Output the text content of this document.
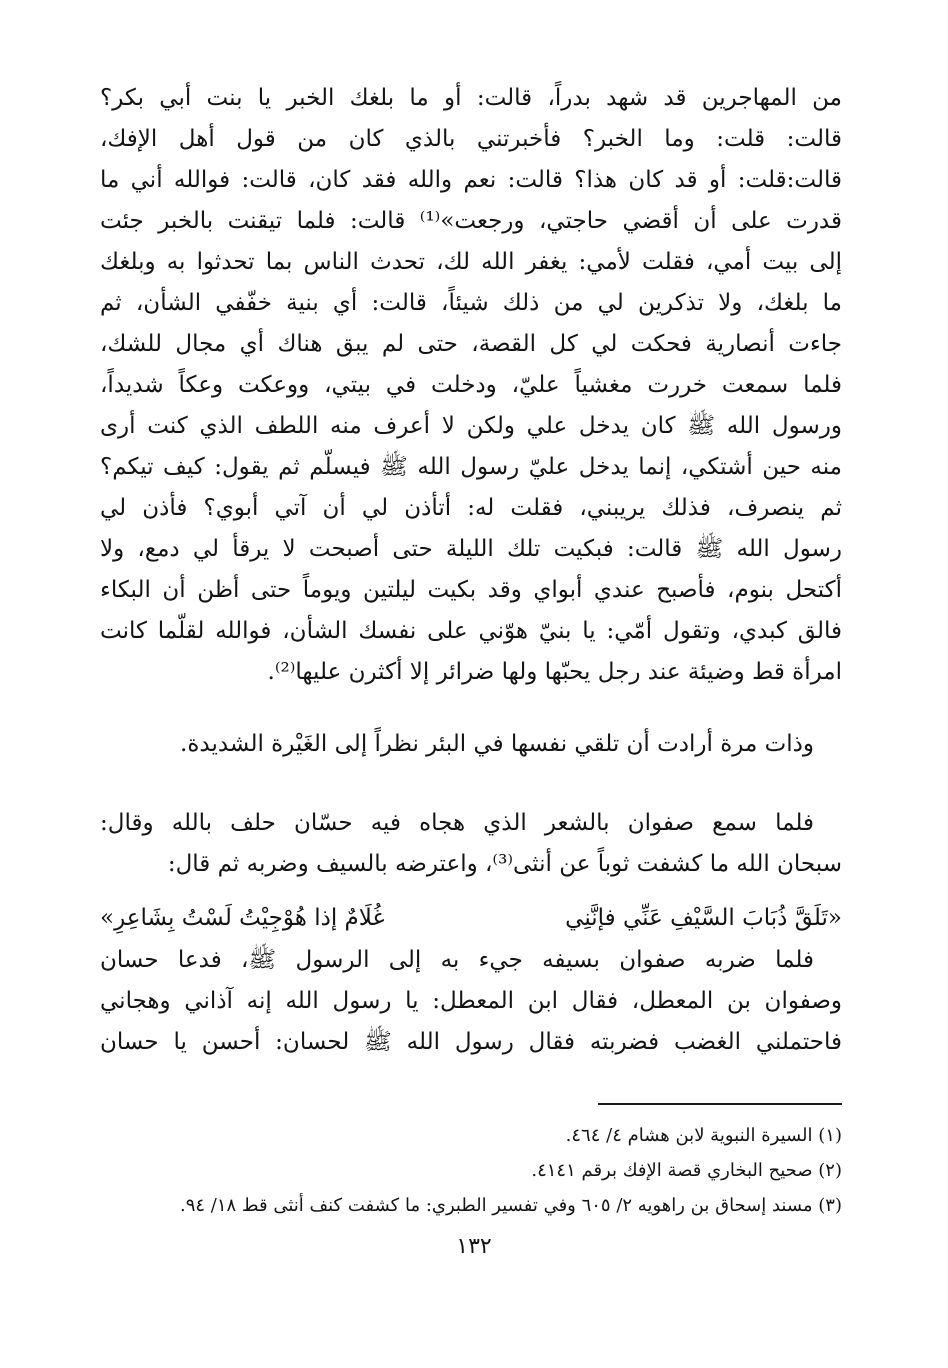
من المهاجرين قد شهد بدراً، قالت: أو ما بلغك الخبر يا بنت أبي بكر؟
قالت: قلت: وما الخبر؟ فأخبرتني بالذي كان من قول أهل الإفك،
قالت:قلت: أو قد كان هذا؟ قالت: نعم والله فقد كان، قالت: فوالله أني ما
قدرت على أن أقضي حاجتي، ورجعت»⁽¹⁾ قالت: فلما تيقنت بالخبر جئت
إلى بيت أمي، فقلت لأمي: يغفر الله لك، تحدث الناس بما تحدثوا به وبلغك
ما بلغك، ولا تذكرين لي من ذلك شيئاً، قالت: أي بنية خفّفي الشأن، ثم
جاءت أنصارية فحكت لي كل القصة، حتى لم يبق هناك أي مجال للشك،
فلما سمعت خررت مغشياً عليّ، ودخلت في بيتي، ووعكت وعكاً شديداً،
ورسول الله ﷺ كان يدخل علي ولكن لا أعرف منه اللطف الذي كنت أرى
منه حين أشتكي، إنما يدخل عليّ رسول الله ﷺ فيسلّم ثم يقول: كيف تيكم؟
ثم ينصرف، فذلك يريبني، فقلت له: أتأذن لي أن آتي أبوي؟ فأذن لي
رسول الله ﷺ قالت: فبكيت تلك الليلة حتى أصبحت لا يرقأ لي دمع، ولا
أكتحل بنوم، فأصبح عندي أبواي وقد بكيت ليلتين ويوماً حتى أظن أن البكاء
فالق كبدي، وتقول أمّي: يا بنيّ هوّني على نفسك الشأن، فوالله لقلّما كانت
امرأة قط وضيئة عند رجل يحبّها ولها ضرائر إلا أكثرن عليها⁽²⁾.
وذات مرة أرادت أن تلقي نفسها في البئر نظراً إلى الغَيْرة الشديدة.
فلما سمع صفوان بالشعر الذي هجاه فيه حسّان حلف بالله وقال:
سبحان الله ما كشفت ثوباً عن أنثى⁽³⁾، واعترضه بالسيف وضربه ثم قال:
«تَلَقَّ ذُبَابَ السَّيْفِ عَنِّي فإنَّنِي
غُلَامٌ إذا هُوْجِيْتُ لَسْتُ بِشَاعِرِ»
فلما ضربه صفوان بسيفه جيء به إلى الرسول ﷺ، فدعا حسان
وصفوان بن المعطل، فقال ابن المعطل: يا رسول الله إنه آذاني وهجاني
فاحتملني الغضب فضربته فقال رسول الله ﷺ لحسان: أحسن يا حسان
(١) السيرة النبوية لابن هشام ٤/ ٤٦٤.
(٢) صحيح البخاري قصة الإفك برقم ٤١٤١.
(٣) مسند إسحاق بن راهويه ٢/ ٦٠٥ وفي تفسير الطبري: ما كشفت كنف أنثى قط ١٨/ ٩٤.
١٣٢
